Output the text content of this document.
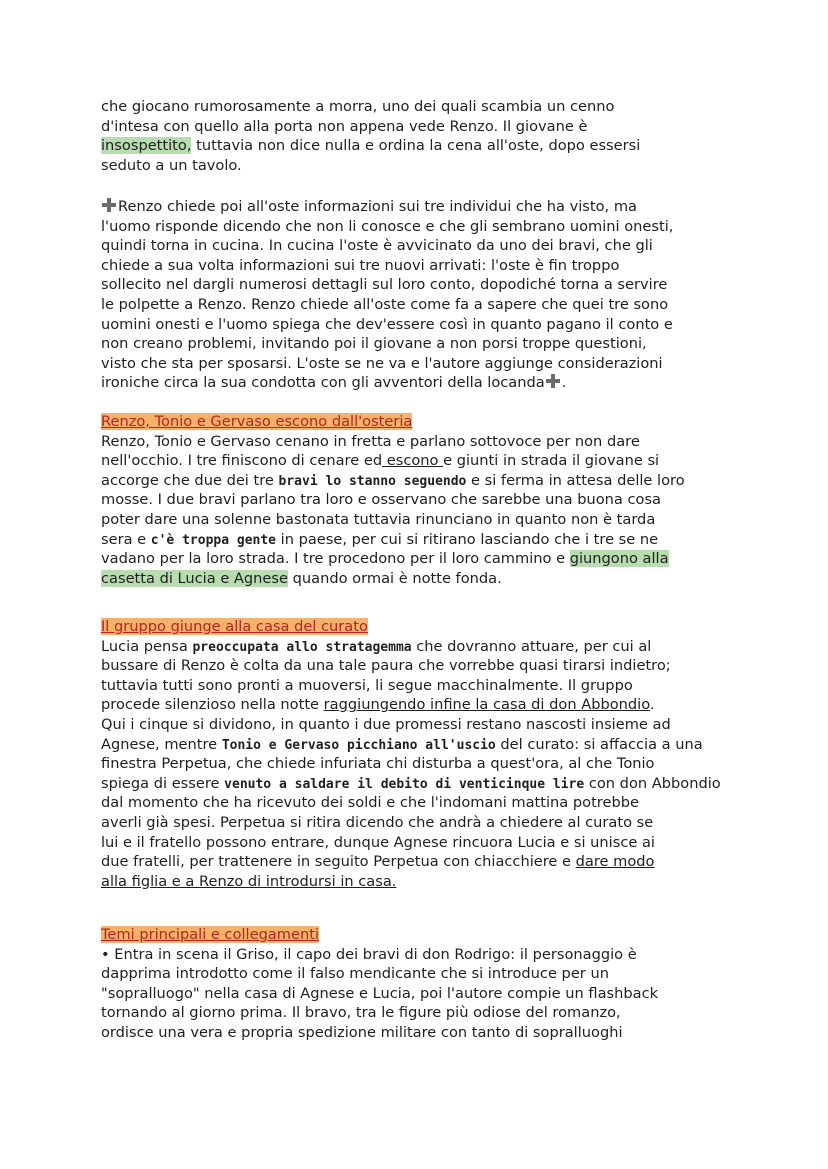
che giocano rumorosamente a morra, uno dei quali scambia un cenno
d'intesa con quello alla porta non appena vede Renzo. Il giovane è
insospettito, tuttavia non dice nulla e ordina la cena all'oste, dopo essersi
seduto a un tavolo.
Renzo chiede poi all'oste informazioni sui tre individui che ha visto, ma
l'uomo risponde dicendo che non li conosce e che gli sembrano uomini onesti,
quindi torna in cucina. In cucina l'oste è avvicinato da uno dei bravi, che gli
chiede a sua volta informazioni sui tre nuovi arrivati: l'oste è fin troppo
sollecito nel dargli numerosi dettagli sul loro conto, dopodiché torna a servire
le polpette a Renzo. Renzo chiede all'oste come fa a sapere che quei tre sono
uomini onesti e l'uomo spiega che dev'essere così in quanto pagano il conto e
non creano problemi, invitando poi il giovane a non porsi troppe questioni,
visto che sta per sposarsi. L'oste se ne va e l'autore aggiunge considerazioni
ironiche circa la sua condotta con gli avventori della locanda .
Renzo, Tonio e Gervaso escono dall'osteria
Renzo, Tonio e Gervaso cenano in fretta e parlano sottovoce per non dare
nell'occhio. I tre finiscono di cenare ed escono e giunti in strada il giovane si
accorge che due dei tre bravi lo stanno seguendo e si ferma in attesa delle loro
mosse. I due bravi parlano tra loro e osservano che sarebbe una buona cosa
poter dare una solenne bastonata tuttavia rinunciano in quanto non è tarda
sera e c'è troppa gente in paese, per cui si ritirano lasciando che i tre se ne
vadano per la loro strada. I tre procedono per il loro cammino e giungono alla
casetta di Lucia e Agnese quando ormai è notte fonda.
Il gruppo giunge alla casa del curato
Lucia pensa preoccupata allo stratagemma che dovranno attuare, per cui al
bussare di Renzo è colta da una tale paura che vorrebbe quasi tirarsi indietro;
tuttavia tutti sono pronti a muoversi, li segue macchinalmente. Il gruppo
procede silenzioso nella notte raggiungendo infine la casa di don Abbondio.
Qui i cinque si dividono, in quanto i due promessi restano nascosti insieme ad
Agnese, mentre Tonio e Gervaso picchiano all'uscio del curato: si affaccia a una
finestra Perpetua, che chiede infuriata chi disturba a quest'ora, al che Tonio
spiega di essere venuto a saldare il debito di venticinque lire con don Abbondio
dal momento che ha ricevuto dei soldi e che l'indomani mattina potrebbe
averli già spesi. Perpetua si ritira dicendo che andrà a chiedere al curato se
lui e il fratello possono entrare, dunque Agnese rincuora Lucia e si unisce ai
due fratelli, per trattenere in seguito Perpetua con chiacchiere e dare modo
alla figlia e a Renzo di introdursi in casa.
Temi principali e collegamenti
• Entra in scena il Griso, il capo dei bravi di don Rodrigo: il personaggio è
dapprima introdotto come il falso mendicante che si introduce per un
"sopralluogo" nella casa di Agnese e Lucia, poi l'autore compie un flashback
tornando al giorno prima. Il bravo, tra le figure più odiose del romanzo,
ordisce una vera e propria spedizione militare con tanto di sopralluoghi
